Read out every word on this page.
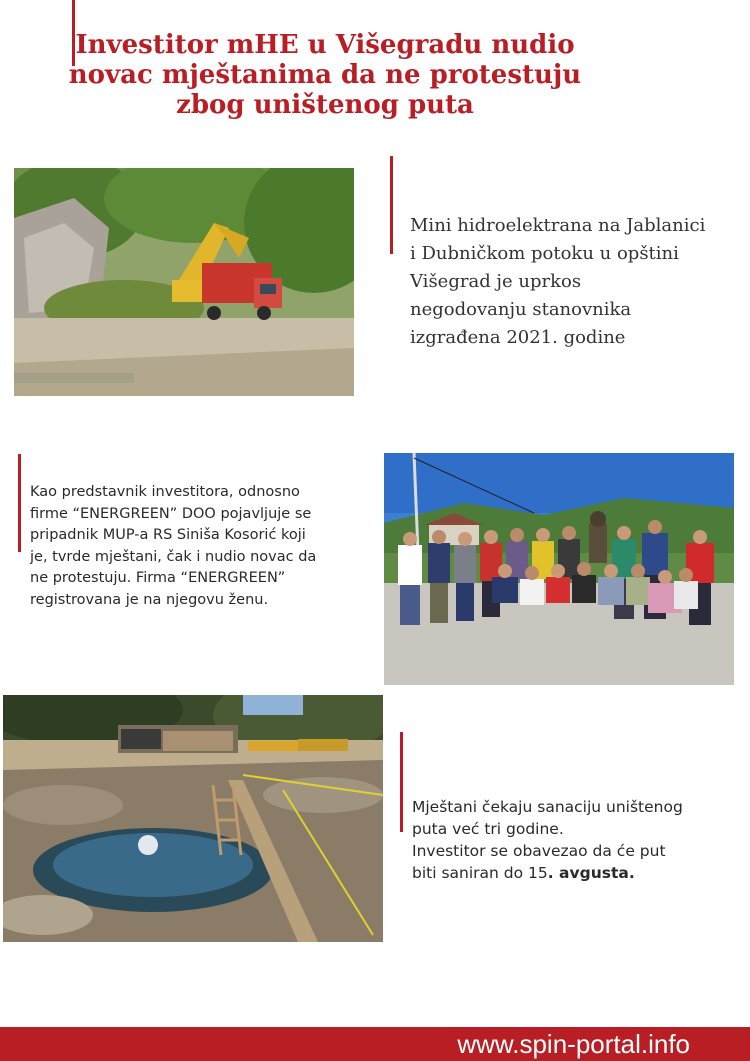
Investitor mHE u Višegradu nudio
novac mještanima da ne protestuju
zbog uništenog puta
Mini hidroelektrana na Jablanici
i Dubničkom potoku u opštini
Višegrad je uprkos
negodovanju stanovnika
izgrađena 2021. godine
Kao predstavnik investitora, odnosno
firme “ENERGREEN” DOO pojavljuje se
pripadnik MUP-a RS Siniša Kosorić koji
je, tvrde mještani, čak i nudio novac da
ne protestuju. Firma “ENERGREEN”
registrovana je na njegovu ženu.
Mještani čekaju sanaciju uništenog
puta već tri godine.
Investitor se obavezao da će put
biti saniran do 15. avgusta.
www.spin-portal.info
